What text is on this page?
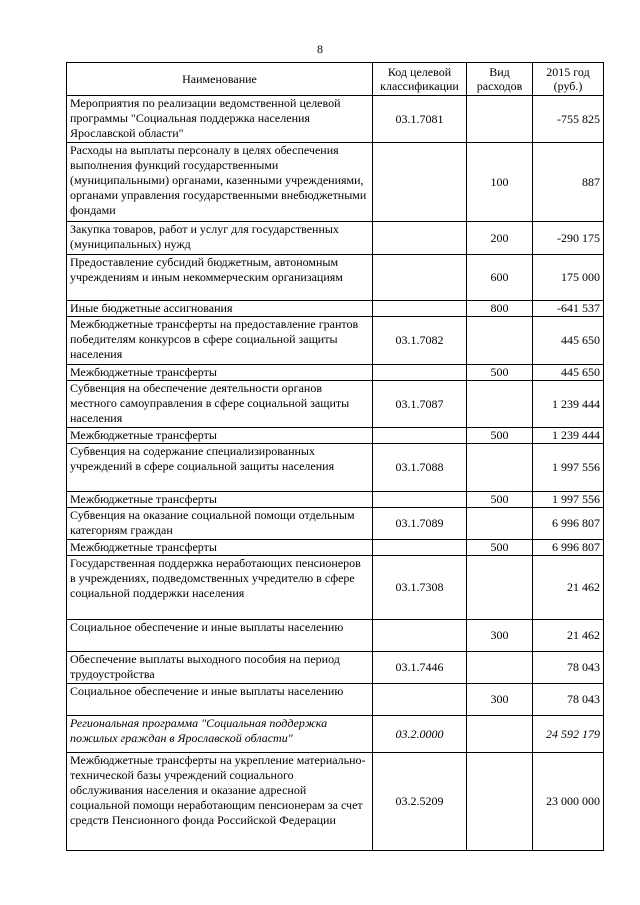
8
Наименование	Код целевой классификации	Вид расходов	2015 год (руб.)
Мероприятия по реализации ведомственной целевой программы "Социальная поддержка населения Ярославской области"	03.1.7081		-755 825
Расходы на выплаты персоналу в целях обеспечения выполнения функций государственными (муниципальными) органами, казенными учреждениями, органами управления государственными внебюджетными фондами		100	887
Закупка товаров, работ и услуг для государственных (муниципальных) нужд		200	-290 175
Предоставление субсидий бюджетным, автономным учреждениям и иным некоммерческим организациям		600	175 000
Иные бюджетные ассигнования		800	-641 537
Межбюджетные трансферты на предоставление грантов победителям конкурсов в сфере социальной защиты населения	03.1.7082		445 650
Межбюджетные трансферты		500	445 650
Субвенция на обеспечение деятельности органов местного самоуправления в сфере социальной защиты населения	03.1.7087		1 239 444
Межбюджетные трансферты		500	1 239 444
Субвенция на содержание специализированных учреждений в сфере социальной защиты населения	03.1.7088		1 997 556
Межбюджетные трансферты		500	1 997 556
Субвенция на оказание социальной помощи отдельным категориям граждан	03.1.7089		6 996 807
Межбюджетные трансферты		500	6 996 807
Государственная поддержка неработающих пенсионеров в учреждениях, подведомственных учредителю в сфере социальной поддержки населения	03.1.7308		21 462
Социальное обеспечение и иные выплаты населению		300	21 462
Обеспечение выплаты выходного пособия на период трудоустройства	03.1.7446		78 043
Социальное обеспечение и иные выплаты населению		300	78 043
Региональная программа "Социальная поддержка пожилых граждан в Ярославской области"	03.2.0000		24 592 179
Межбюджетные трансферты на укрепление материально-технической базы учреждений социального обслуживания населения и оказание адресной социальной помощи неработающим пенсионерам за счет средств Пенсионного фонда Российской Федерации	03.2.5209		23 000 000
